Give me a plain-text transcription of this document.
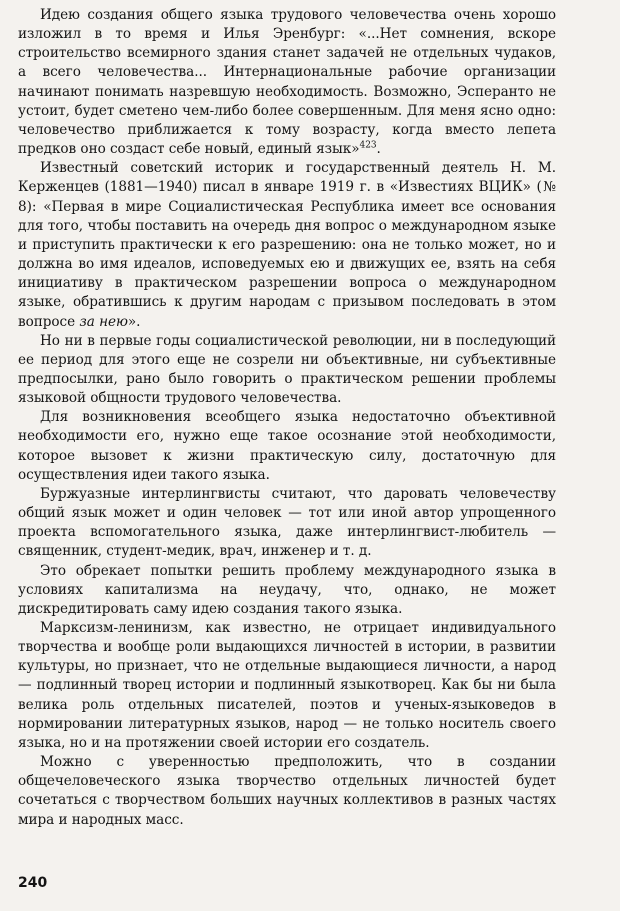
Идею создания общего языка трудового человечества очень хорошо изложил в то время и Илья Эренбург: «...Нет сомнения, вскоре строительство всемирного здания станет задачей не отдельных чудаков, а всего человечества... Интернациональные рабочие организации начинают понимать назревшую необходимость. Возможно, Эсперанто не устоит, будет сметено чем-либо более совершенным. Для меня ясно одно: человечество приближается к тому возрасту, когда вместо лепета предков оно создаст себе новый, единый язык»$^{423}$.

Известный советский историк и государственный деятель Н. М. Керженцев (1881—1940) писал в январе 1919 г. в «Известиях ВЦИК» (№ 8): «Первая в мире Социалистическая Республика имеет все основания для того, чтобы поставить на очередь дня вопрос о международном языке и приступить практически к его разрешению: она не только может, но и должна во имя идеалов, исповедуемых ею и движущих ее, взять на себя инициативу в практическом разрешении вопроса о международном языке, обратившись к другим народам с призывом последовать в этом вопросе за нею».

Но ни в первые годы социалистической революции, ни в последующий ее период для этого еще не созрели ни объективные, ни субъективные предпосылки, рано было говорить о практическом решении проблемы языковой общности трудового человечества.

Для возникновения всеобщего языка недостаточно объективной необходимости его, нужно еще такое осознание этой необходимости, которое вызовет к жизни практическую силу, достаточную для осуществления идеи такого языка.

Буржуазные интерлингвисты считают, что даровать человечеству общий язык может и один человек — тот или иной автор упрощенного проекта вспомогательного языка, даже интерлингвист-любитель — священник, студент-медик, врач, инженер и т. д.

Это обрекает попытки решить проблему международного языка в условиях капитализма на неудачу, что, однако, не может дискредитировать саму идею создания такого языка.

Марксизм-ленинизм, как известно, не отрицает индивидуального творчества и вообще роли выдающихся личностей в истории, в развитии культуры, но признает, что не отдельные выдающиеся личности, а народ — подлинный творец истории и подлинный языкотворец. Как бы ни была велика роль отдельных писателей, поэтов и ученых-языковедов в нормировании литературных языков, народ — не только носитель своего языка, но и на протяжении своей истории его создатель.

Можно с уверенностью предположить, что в создании общечеловеческого языка творчество отдельных личностей будет сочетаться с творчеством больших научных коллективов в разных частях мира и народных масс.

240
